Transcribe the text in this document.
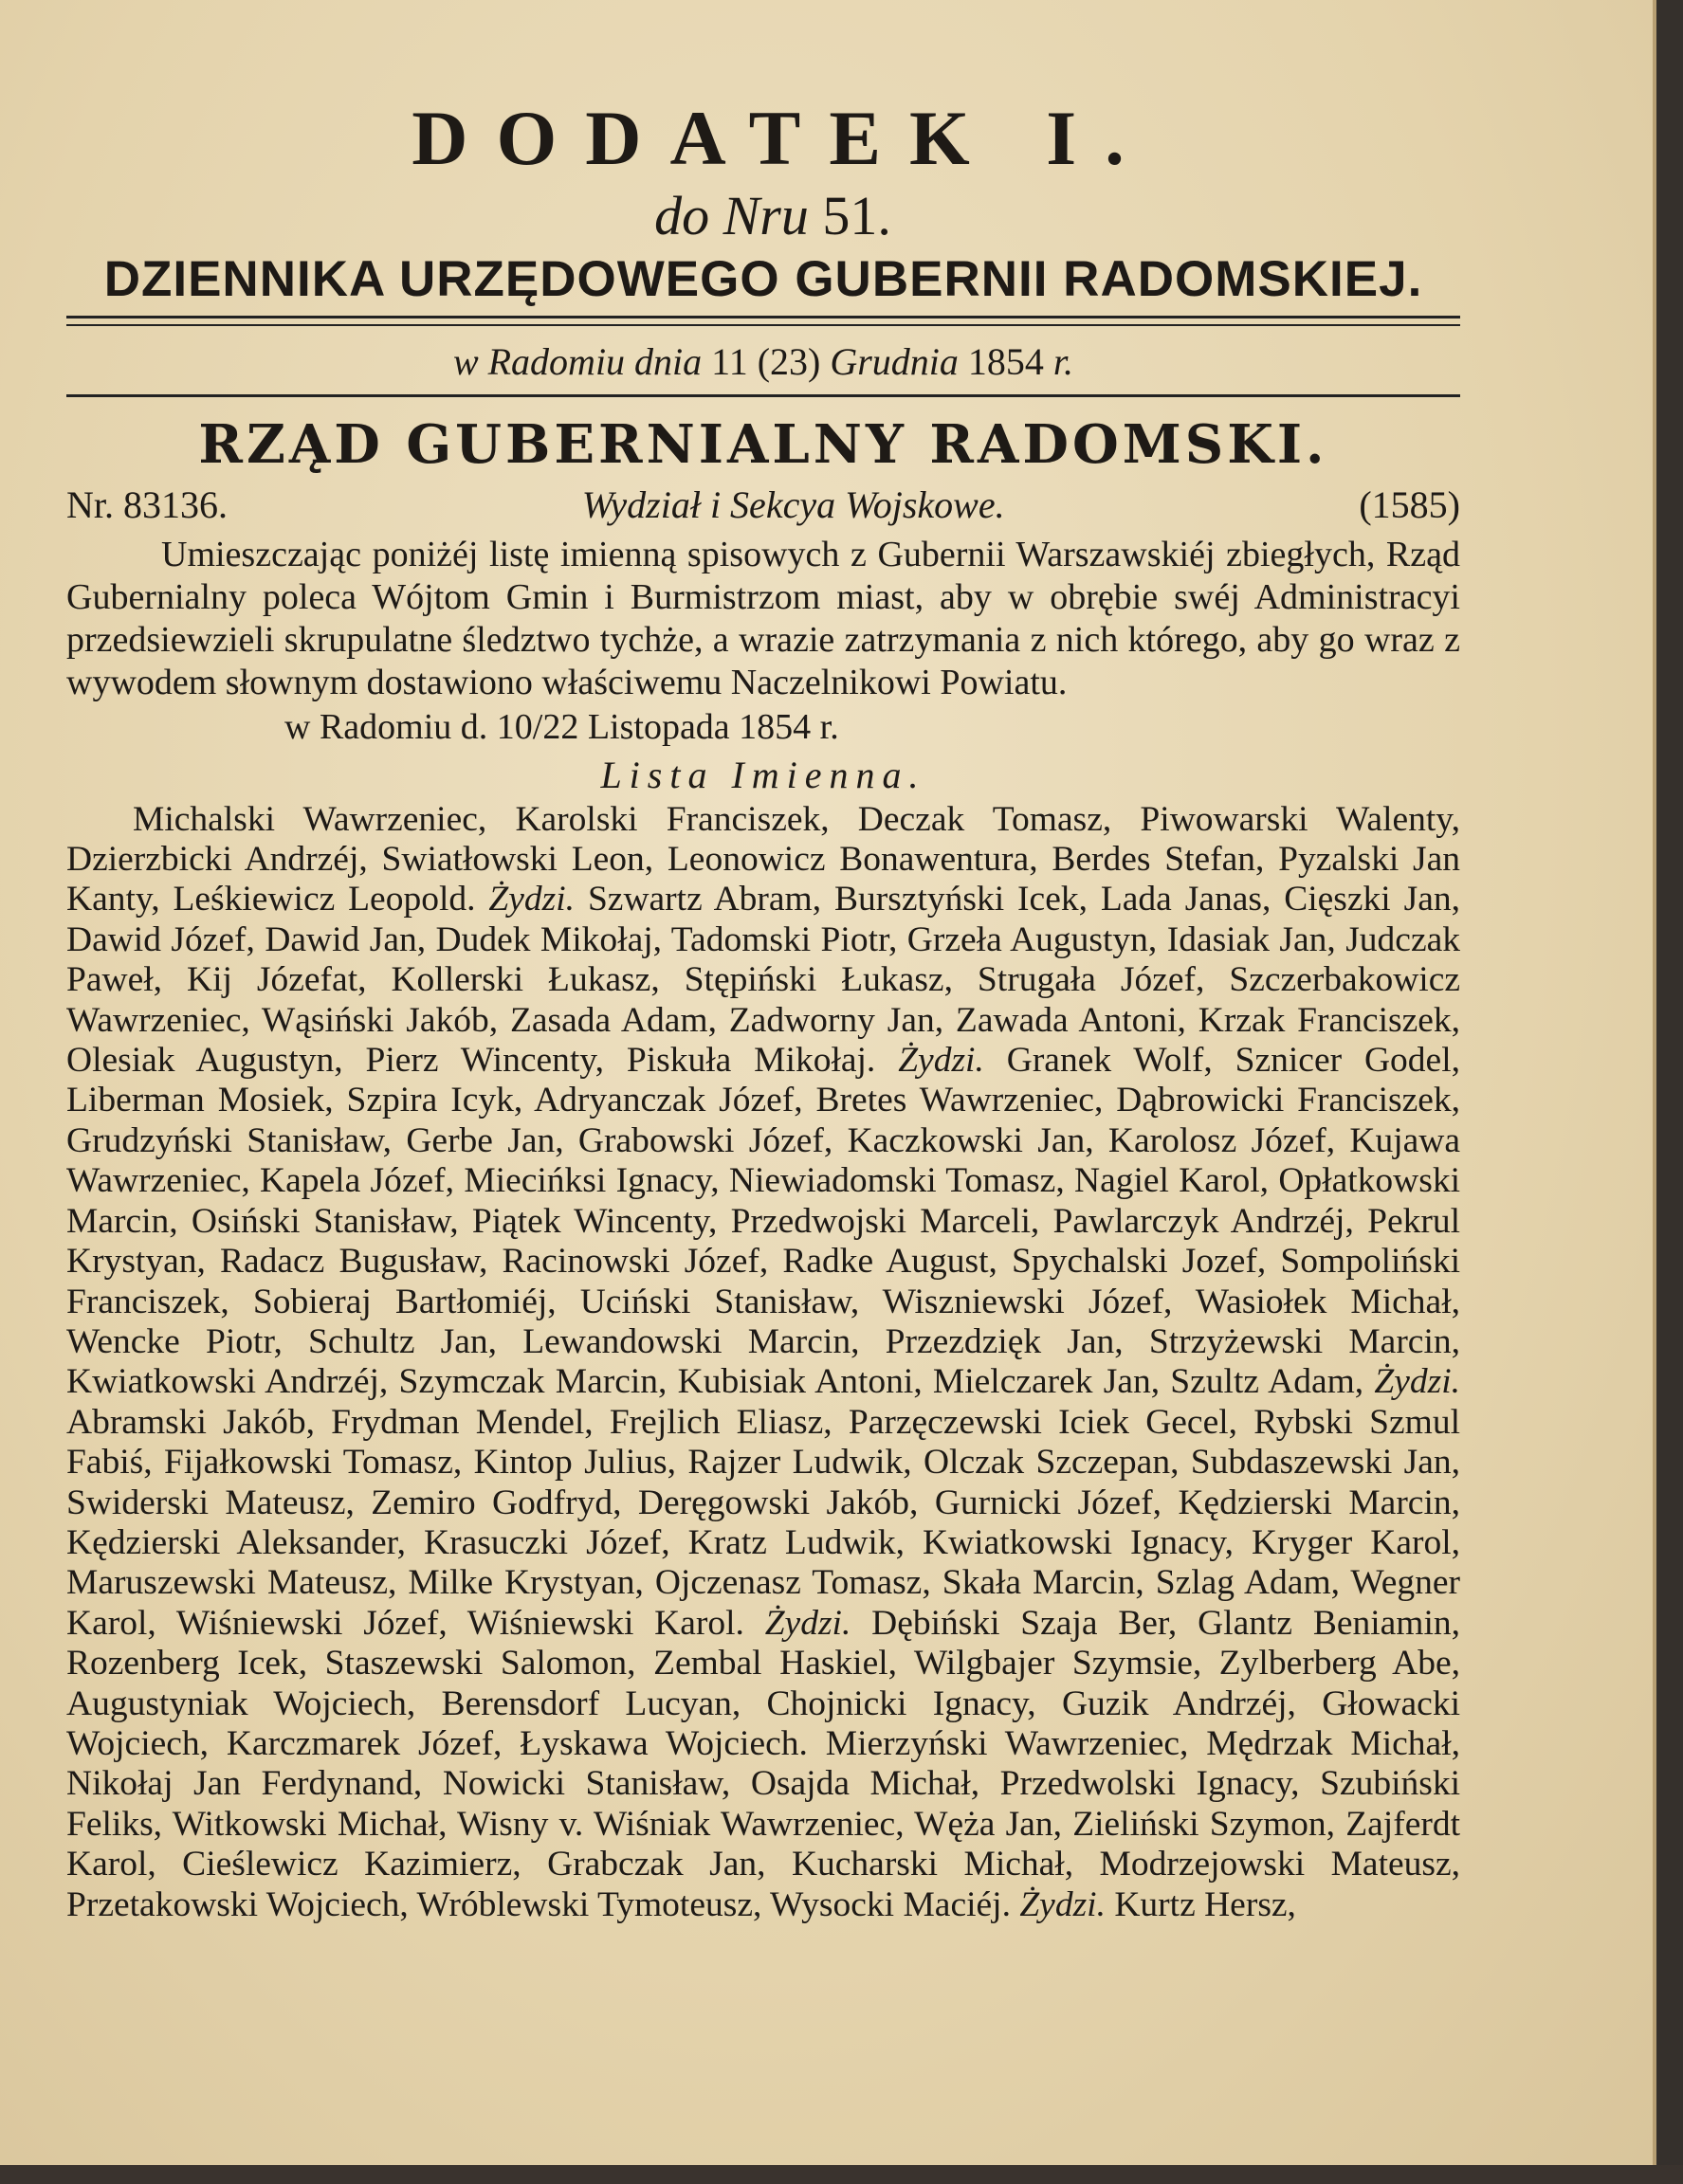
DODATEK I.
do Nru 51.
DZIENNIKA URZĘDOWEGO GUBERNII RADOMSKIEJ.
w Radomiu dnia 11 (23) Grudnia 1854 r.
RZĄD GUBERNIALNY RADOMSKI.
Nr. 83136.	Wydział i Sekcya Wojskowe.	(1585)

Umieszczając poniżéj listę imienną spisowych z Gubernii Warszawskiéj zbiegłych, Rząd Gubernialny poleca Wójtom Gmin i Burmistrzom miast, aby w obrębie swéj Administracyi przedsiewzieli skrupulatne śledztwo tychże, a wrazie zatrzymania z nich którego, aby go wraz z wywodem słownym dostawiono właściwemu Naczelnikowi Powiatu.

w Radomiu d. 10/22 Listopada 1854 r.
Lista Imienna.

Michalski Wawrzeniec, Karolski Franciszek, Deczak Tomasz, Piwowarski Walenty, Dzierzbicki Andrzéj, Swiatłowski Leon, Leonowicz Bonawentura, Berdes Stefan, Pyzalski Jan Kanty, Leśkiewicz Leopold. Żydzi. Szwartz Abram, Bursztyński Icek, Lada Janas, Cięszki Jan, Dawid Józef, Dawid Jan, Dudek Mikołaj, Tadomski Piotr, Grzeła Augustyn, Idasiak Jan, Judczak Paweł, Kij Józefat, Kollerski Łukasz, Stępiński Łukasz, Strugała Józef, Szczerbakowicz Wawrzeniec, Wąsiński Jakób, Zasada Adam, Zadworny Jan, Zawada Antoni, Krzak Franciszek, Olesiak Augustyn, Pierz Wincenty, Piskuła Mikołaj. Żydzi. Granek Wolf, Sznicer Godel, Liberman Mosiek, Szpira Icyk, Adryanczak Józef, Bretes Wawrzeniec, Dąbrowicki Franciszek, Grudzyński Stanisław, Gerbe Jan, Grabowski Józef, Kaczkowski Jan, Karolosz Józef, Kujawa Wawrzeniec, Kapela Józef, Miecińksi Ignacy, Niewiadomski Tomasz, Nagiel Karol, Opłatkowski Marcin, Osiński Stanisław, Piątek Wincenty, Przedwojski Marceli, Pawlarczyk Andrzéj, Pekrul Krystyan, Radacz Bugusław, Racinowski Józef, Radke August, Spychalski Jozef, Sompoliński Franciszek, Sobieraj Bartłomiéj, Uciński Stanisław, Wiszniewski Józef, Wasiołek Michał, Wencke Piotr, Schultz Jan, Lewandowski Marcin, Przezdzięk Jan, Strzyżewski Marcin, Kwiatkowski Andrzéj, Szymczak Marcin, Kubisiak Antoni, Mielczarek Jan, Szultz Adam, Żydzi. Abramski Jakób, Frydman Mendel, Frejlich Eliasz, Parzęczewski Iciek Gecel, Rybski Szmul Fabiś, Fijałkowski Tomasz, Kintop Julius, Rajzer Ludwik, Olczak Szczepan, Subdaszewski Jan, Swiderski Mateusz, Zemiro Godfryd, Deręgowski Jakób, Gurnicki Józef, Kędzierski Marcin, Kędzierski Aleksander, Krasuczki Józef, Kratz Ludwik, Kwiatkowski Ignacy, Kryger Karol, Maruszewski Mateusz, Milke Krystyan, Ojczenasz Tomasz, Skała Marcin, Szlag Adam, Wegner Karol, Wiśniewski Józef, Wiśniewski Karol. Żydzi. Dębiński Szaja Ber, Glantz Beniamin, Rozenberg Icek, Staszewski Salomon, Zembal Haskiel, Wilgbajer Szymsie, Zylberberg Abe, Augustyniak Wojciech, Berensdorf Lucyan, Chojnicki Ignacy, Guzik Andrzéj, Głowacki Wojciech, Karczmarek Józef, Łyskawa Wojciech. Mierzyński Wawrzeniec, Mędrzak Michał, Nikołaj Jan Ferdynand, Nowicki Stanisław, Osajda Michał, Przedwolski Ignacy, Szubiński Feliks, Witkowski Michał, Wisny v. Wiśniak Wawrzeniec, Węża Jan, Zieliński Szymon, Zajferdt Karol, Cieślewicz Kazimierz, Grabczak Jan, Kucharski Michał, Modrzejowski Mateusz, Przetakowski Wojciech, Wróblewski Tymoteusz, Wysocki Maciéj. Żydzi. Kurtz Hersz,
